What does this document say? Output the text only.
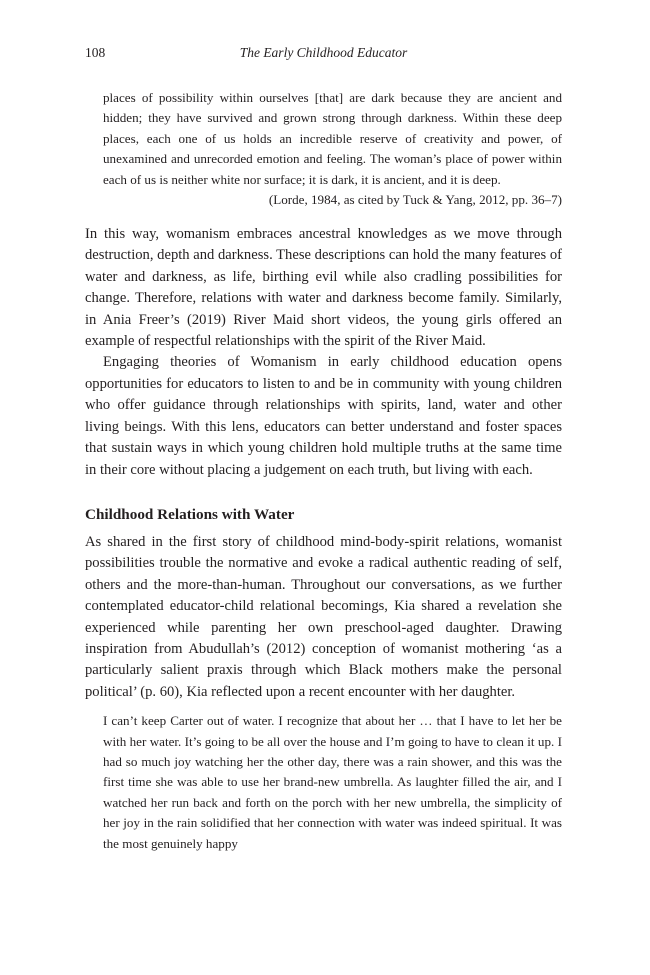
108	The Early Childhood Educator

places of possibility within ourselves [that] are dark because they are ancient and hidden; they have survived and grown strong through darkness. Within these deep places, each one of us holds an incredible reserve of creativity and power, of unexamined and unrecorded emotion and feeling. The woman’s place of power within each of us is neither white nor surface; it is dark, it is ancient, and it is deep.

(Lorde, 1984, as cited by Tuck & Yang, 2012, pp. 36–7)

In this way, womanism embraces ancestral knowledges as we move through destruction, depth and darkness. These descriptions can hold the many features of water and darkness, as life, birthing evil while also cradling possibilities for change. Therefore, relations with water and darkness become family. Similarly, in Ania Freer’s (2019) River Maid short videos, the young girls offered an example of respectful relationships with the spirit of the River Maid.

Engaging theories of Womanism in early childhood education opens opportunities for educators to listen to and be in community with young children who offer guidance through relationships with spirits, land, water and other living beings. With this lens, educators can better understand and foster spaces that sustain ways in which young children hold multiple truths at the same time in their core without placing a judgement on each truth, but living with each.

Childhood Relations with Water

As shared in the first story of childhood mind-body-spirit relations, womanist possibilities trouble the normative and evoke a radical authentic reading of self, others and the more-than-human. Throughout our conversations, as we further contemplated educator-child relational becomings, Kia shared a revelation she experienced while parenting her own preschool-aged daughter. Drawing inspiration from Abudullah’s (2012) conception of womanist mothering ‘as a particularly salient praxis through which Black mothers make the personal political’ (p. 60), Kia reflected upon a recent encounter with her daughter.

I can’t keep Carter out of water. I recognize that about her … that I have to let her be with her water. It’s going to be all over the house and I’m going to have to clean it up. I had so much joy watching her the other day, there was a rain shower, and this was the first time she was able to use her brand-new umbrella. As laughter filled the air, and I watched her run back and forth on the porch with her new umbrella, the simplicity of her joy in the rain solidified that her connection with water was indeed spiritual. It was the most genuinely happy
